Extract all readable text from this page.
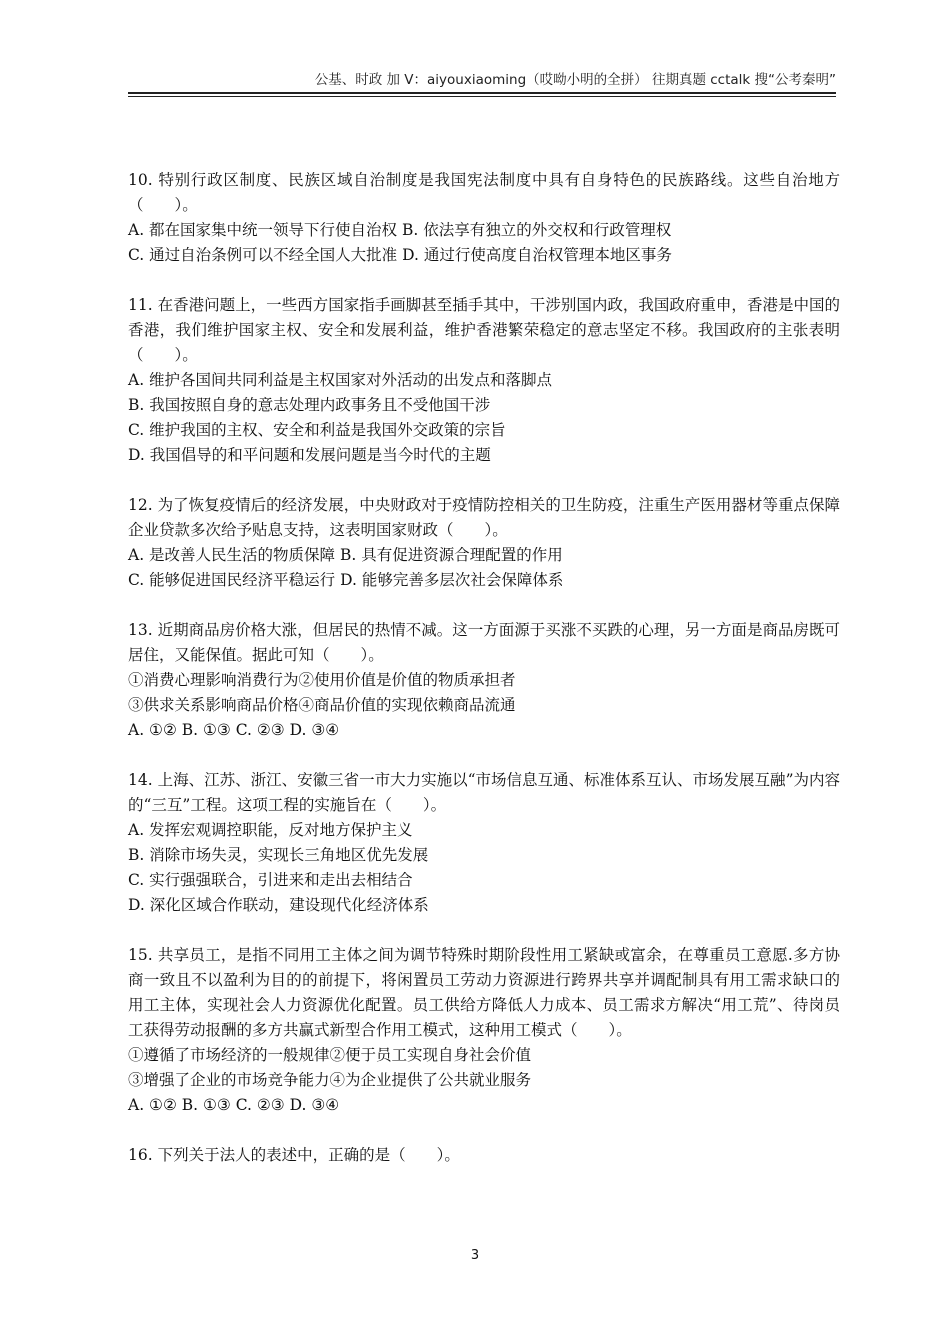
公基、时政 加 V：aiyouxiaoming（哎呦小明的全拼） 往期真题 cctalk 搜“公考秦明”
10. 特别行政区制度、民族区域自治制度是我国宪法制度中具有自身特色的民族路线。这些自治地方（　　）。
A. 都在国家集中统一领导下行使自治权 B. 依法享有独立的外交权和行政管理权
C. 通过自治条例可以不经全国人大批准 D. 通过行使高度自治权管理本地区事务
11. 在香港问题上，一些西方国家指手画脚甚至插手其中，干涉别国内政，我国政府重申，香港是中国的香港，我们维护国家主权、安全和发展利益，维护香港繁荣稳定的意志坚定不移。我国政府的主张表明（　　）。
A. 维护各国间共同利益是主权国家对外活动的出发点和落脚点
B. 我国按照自身的意志处理内政事务且不受他国干涉
C. 维护我国的主权、安全和利益是我国外交政策的宗旨
D. 我国倡导的和平问题和发展问题是当今时代的主题
12. 为了恢复疫情后的经济发展，中央财政对于疫情防控相关的卫生防疫，注重生产医用器材等重点保障企业贷款多次给予贴息支持，这表明国家财政（　　）。
A. 是改善人民生活的物质保障 B. 具有促进资源合理配置的作用
C. 能够促进国民经济平稳运行 D. 能够完善多层次社会保障体系
13. 近期商品房价格大涨，但居民的热情不减。这一方面源于买涨不买跌的心理，另一方面是商品房既可居住，又能保值。据此可知（　　）。
①消费心理影响消费行为②使用价值是价值的物质承担者
③供求关系影响商品价格④商品价值的实现依赖商品流通
A. ①② B. ①③ C. ②③ D. ③④
14. 上海、江苏、浙江、安徽三省一市大力实施以“市场信息互通、标准体系互认、市场发展互融”为内容的“三互”工程。这项工程的实施旨在（　　）。
A. 发挥宏观调控职能，反对地方保护主义
B. 消除市场失灵，实现长三角地区优先发展
C. 实行强强联合，引进来和走出去相结合
D. 深化区域合作联动，建设现代化经济体系
15. 共享员工，是指不同用工主体之间为调节特殊时期阶段性用工紧缺或富余，在尊重员工意愿.多方协商一致且不以盈利为目的的前提下，将闲置员工劳动力资源进行跨界共享并调配制具有用工需求缺口的用工主体，实现社会人力资源优化配置。员工供给方降低人力成本、员工需求方解决“用工荒”、待岗员工获得劳动报酬的多方共赢式新型合作用工模式，这种用工模式（　　）。
①遵循了市场经济的一般规律②便于员工实现自身社会价值
③增强了企业的市场竞争能力④为企业提供了公共就业服务
A. ①② B. ①③ C. ②③ D. ③④
16. 下列关于法人的表述中，正确的是（　　）。
3
